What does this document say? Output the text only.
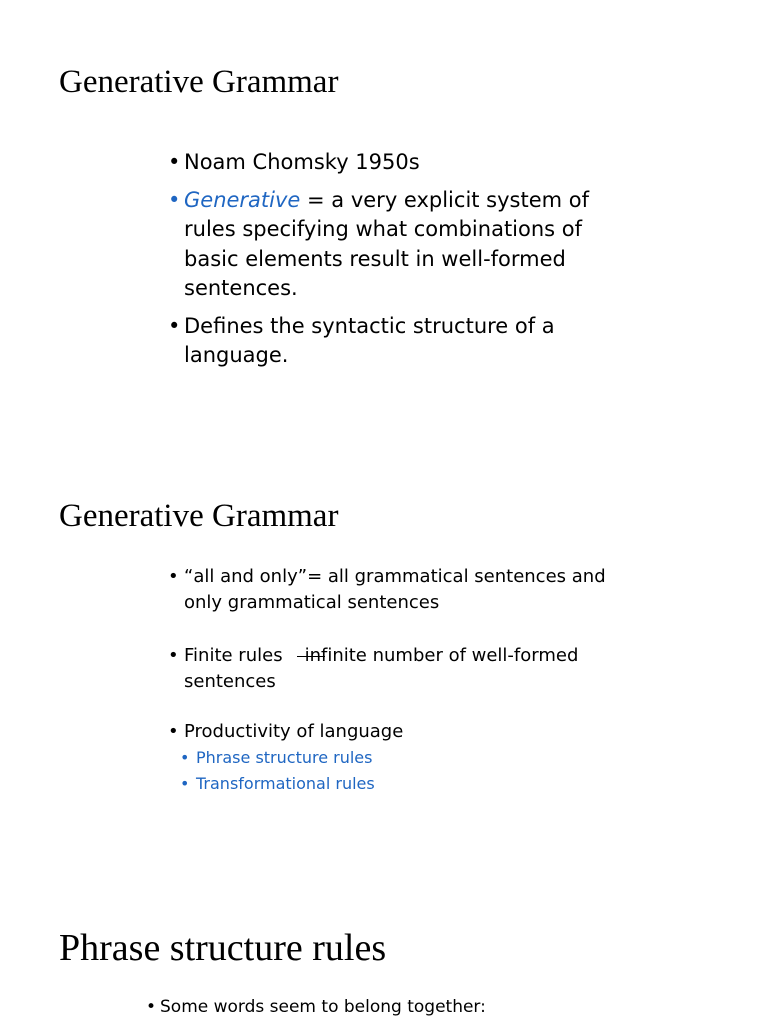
Generative Grammar
• Noam Chomsky 1950s
• Generative = a very explicit system of rules specifying what combinations of basic elements result in well-formed sentences.
• Defines the syntactic structure of a language.
Generative Grammar
• “all and only”= all grammatical sentences and only grammatical sentences
• Finite rules infinite number of well-formed sentences
• Productivity of language
• Phrase structure rules
• Transformational rules
Phrase structure rules
• Some words seem to belong together:
